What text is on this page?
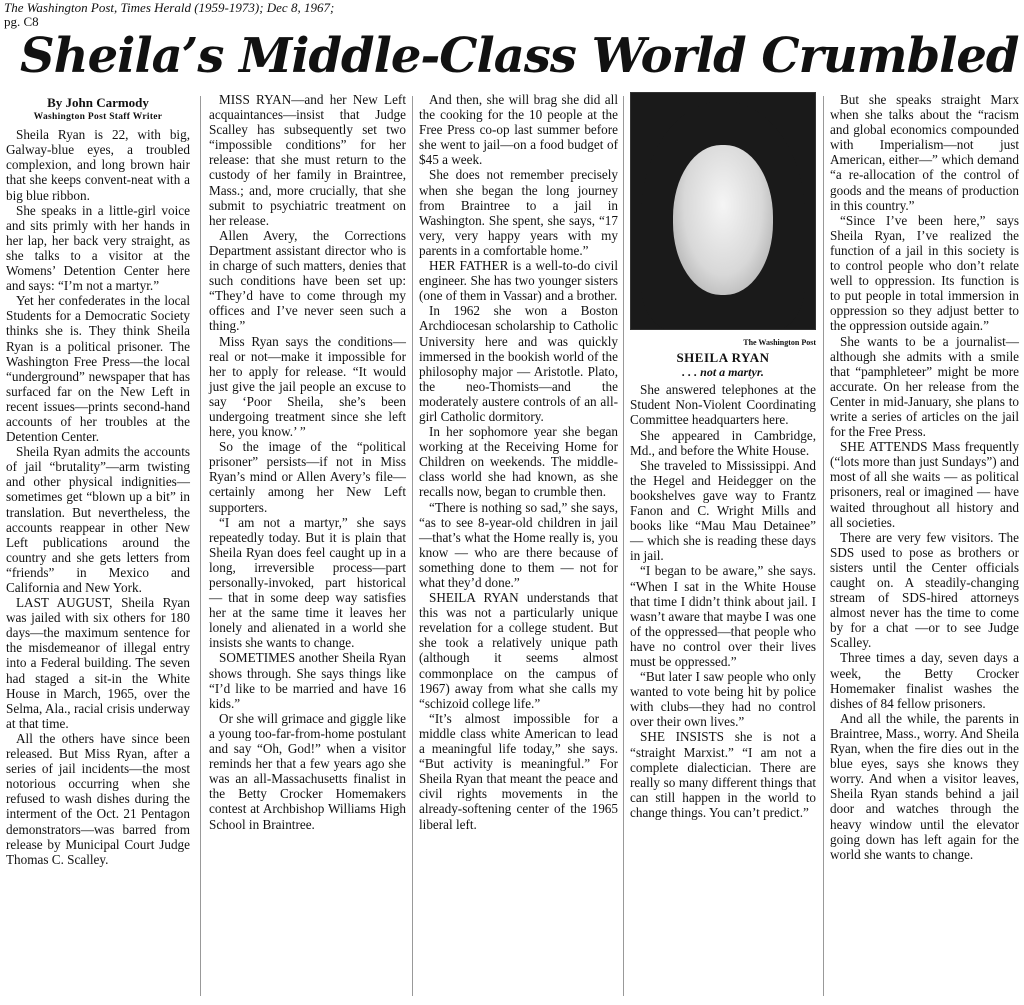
The Washington Post, Times Herald (1959-1973); Dec 8, 1967;
pg. C8
Sheila’s Middle-Class World Crumbled
By John Carmody
Washington Post Staff Writer

Sheila Ryan is 22, with big, Galway-blue eyes, a troubled complexion, and long brown hair that she keeps convent-neat with a big blue ribbon.

She speaks in a little-girl voice and sits primly with her hands in her lap, her back very straight, as she talks to a visitor at the Womens’ Detention Center here and says: “I’m not a martyr.”

Yet her confederates in the local Students for a Democratic Society thinks she is. They think Sheila Ryan is a political prisoner. The Washington Free Press—the local “underground” newspaper that has surfaced far on the New Left in recent issues—prints second-hand accounts of her troubles at the Detention Center.

Sheila Ryan admits the accounts of jail “brutality”—arm twisting and other physical indignities—sometimes get “blown up a bit” in translation. But nevertheless, the accounts reappear in other New Left publications around the country and she gets letters from “friends” in Mexico and California and New York.

LAST AUGUST, Sheila Ryan was jailed with six others for 180 days—the maximum sentence for the misdemeanor of illegal entry into a Federal building. The seven had staged a sit-in the White House in March, 1965, over the Selma, Ala., racial crisis underway at that time.

All the others have since been released. But Miss Ryan, after a series of jail incidents—the most notorious occurring when she refused to wash dishes during the interment of the Oct. 21 Pentagon demonstrators—was barred from release by Municipal Court Judge Thomas C. Scalley.

MISS RYAN—and her New Left acquaintances—insist that Judge Scalley has subsequently set two “impossible conditions” for her release: that she must return to the custody of her family in Braintree, Mass.; and, more crucially, that she submit to psychiatric treatment on her release.

Allen Avery, the Corrections Department assistant director who is in charge of such matters, denies that such conditions have been set up: “They’d have to come through my offices and I’ve never seen such a thing.”

Miss Ryan says the conditions—real or not—make it impossible for her to apply for release. “It would just give the jail people an excuse to say ‘Poor Sheila, she’s been undergoing treatment since she left here, you know.’ ”

So the image of the “political prisoner” persists—if not in Miss Ryan’s mind or Allen Avery’s file—certainly among her New Left supporters.

“I am not a martyr,” she says repeatedly today. But it is plain that Sheila Ryan does feel caught up in a long, irreversible process—part personally-invoked, part historical — that in some deep way satisfies her at the same time it leaves her lonely and alienated in a world she insists she wants to change.

SOMETIMES another Sheila Ryan shows through. She says things like “I’d like to be married and have 16 kids.”

Or she will grimace and giggle like a young too-far-from-home postulant and say “Oh, God!” when a visitor reminds her that a few years ago she was an all-Massachusetts finalist in the Betty Crocker Homemakers contest at Archbishop Williams High School in Braintree.

And then, she will brag she did all the cooking for the 10 people at the Free Press co-op last summer before she went to jail—on a food budget of $45 a week.

She does not remember precisely when she began the long journey from Braintree to a jail in Washington. She spent, she says, “17 very, very happy years with my parents in a comfortable home.”

HER FATHER is a well-to-do civil engineer. She has two younger sisters (one of them in Vassar) and a brother.

In 1962 she won a Boston Archdiocesan scholarship to Catholic University here and was quickly immersed in the bookish world of the philosophy major — Aristotle. Plato, the neo-Thomists—and the moderately austere controls of an all-girl Catholic dormitory.

In her sophomore year she began working at the Receiving Home for Children on weekends. The middle-class world she had known, as she recalls now, began to crumble then.

“There is nothing so sad,” she says, “as to see 8-year-old children in jail—that’s what the Home really is, you know — who are there because of something done to them — not for what they’d done.”

SHEILA RYAN understands that this was not a particularly unique revelation for a college student. But she took a relatively unique path (although it seems almost commonplace on the campus of 1967) away from what she calls my “schizoid college life.”

“It’s almost impossible for a middle class white American to lead a meaningful life today,” she says. “But activity is meaningful.” For Sheila Ryan that meant the peace and civil rights movements in the already-softening center of the 1965 liberal left.

The Washington Post
SHEILA RYAN
. . . not a martyr.

She answered telephones at the Student Non-Violent Coordinating Committee headquarters here.

She appeared in Cambridge, Md., and before the White House.

She traveled to Mississippi. And the Hegel and Heidegger on the bookshelves gave way to Frantz Fanon and C. Wright Mills and books like “Mau Mau Detainee” — which she is reading these days in jail.

“I began to be aware,” she says. “When I sat in the White House that time I didn’t think about jail. I wasn’t aware that maybe I was one of the oppressed—that people who have no control over their lives must be oppressed.”

“But later I saw people who only wanted to vote being hit by police with clubs—they had no control over their own lives.”

SHE INSISTS she is not a “straight Marxist.” “I am not a complete dialectician. There are really so many different things that can still happen in the world to change things. You can’t predict.”

But she speaks straight Marx when she talks about the “racism and global economics compounded with Imperialism—not just American, either—” which demand “a re-allocation of the control of goods and the means of production in this country.”

“Since I’ve been here,” says Sheila Ryan, I’ve realized the function of a jail in this society is to control people who don’t relate well to oppression. Its function is to put people in total immersion in oppression so they adjust better to the oppression outside again.”

She wants to be a journalist—although she admits with a smile that “pamphleteer” might be more accurate. On her release from the Center in mid-January, she plans to write a series of articles on the jail for the Free Press.

SHE ATTENDS Mass frequently (“lots more than just Sundays”) and most of all she waits — as political prisoners, real or imagined — have waited throughout all history and all societies.

There are very few visitors. The SDS used to pose as brothers or sisters until the Center officials caught on. A steadily-changing stream of SDS-hired attorneys almost never has the time to come by for a chat —or to see Judge Scalley.

Three times a day, seven days a week, the Betty Crocker Homemaker finalist washes the dishes of 84 fellow prisoners.

And all the while, the parents in Braintree, Mass., worry. And Sheila Ryan, when the fire dies out in the blue eyes, says she knows they worry. And when a visitor leaves, Sheila Ryan stands behind a jail door and watches through the heavy window until the elevator going down has left again for the world she wants to change.
